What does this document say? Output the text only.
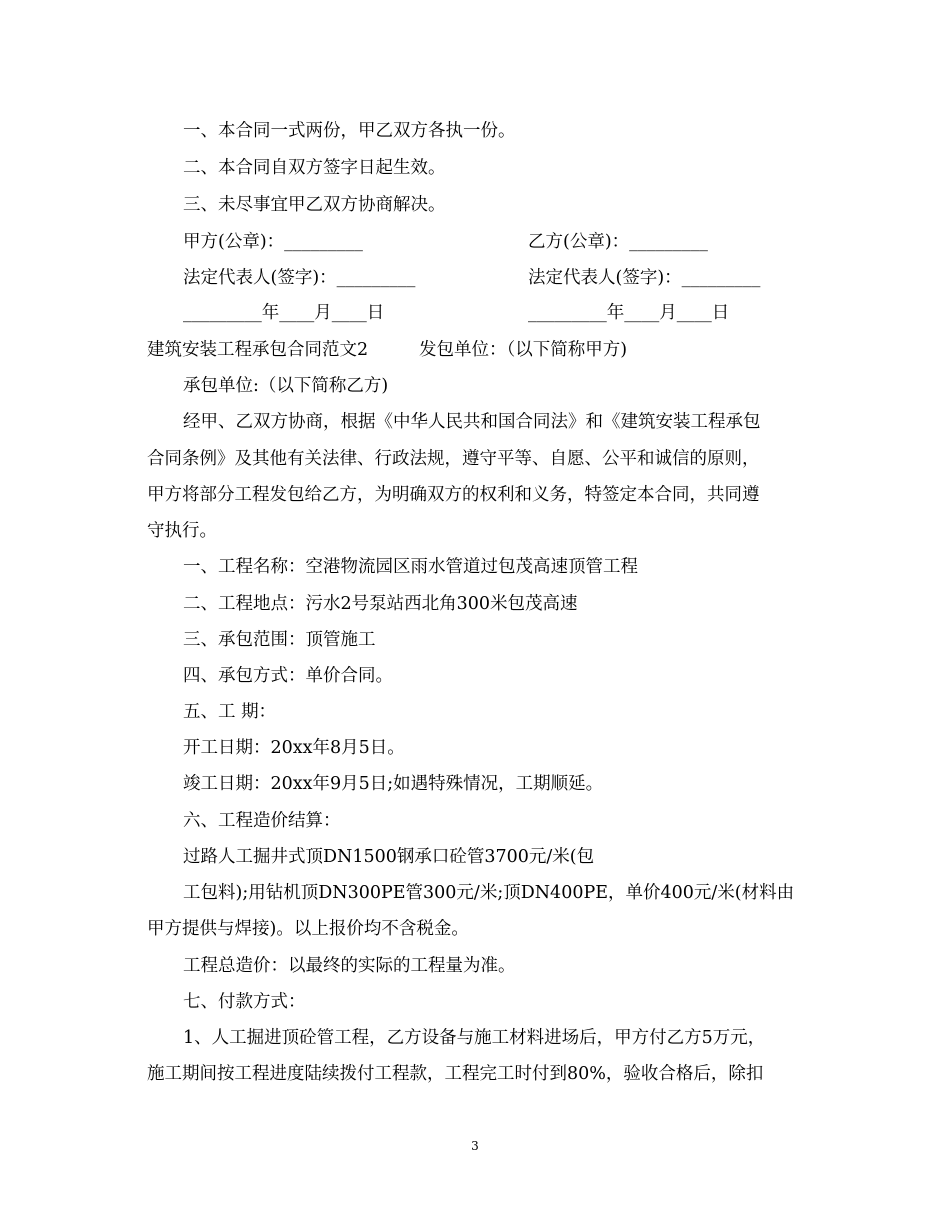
一、本合同一式两份，甲乙双方各执一份。
二、本合同自双方签字日起生效。
三、未尽事宜甲乙双方协商解决。
甲方(公章)：_________	乙方(公章)：_________
法定代表人(签字)：_________	法定代表人(签字)：_________
_________年____月____日	_________年____月____日
建筑安装工程承包合同范文2	发包单位：（以下简称甲方)
承包单位:（以下简称乙方)
经甲、乙双方协商，根据《中华人民共和国合同法》和《建筑安装工程承包
合同条例》及其他有关法律、行政法规，遵守平等、自愿、公平和诚信的原则，
甲方将部分工程发包给乙方，为明确双方的权利和义务，特签定本合同，共同遵
守执行。
一、工程名称：空港物流园区雨水管道过包茂高速顶管工程
二、工程地点：污水2号泵站西北角300米包茂高速
三、承包范围：顶管施工
四、承包方式：单价合同。
五、工 期：
开工日期：20xx年8月5日。
竣工日期：20xx年9月5日;如遇特殊情况，工期顺延。
六、工程造价结算：
过路人工掘井式顶DN1500钢承口砼管3700元/米(包
工包料);用钻机顶DN300PE管300元/米;顶DN400PE，单价400元/米(材料由
甲方提供与焊接)。以上报价均不含税金。
工程总造价：以最终的实际的工程量为准。
七、付款方式：
1、人工掘进顶砼管工程，乙方设备与施工材料进场后，甲方付乙方5万元，
施工期间按工程进度陆续拨付工程款，工程完工时付到80%，验收合格后，除扣
3
